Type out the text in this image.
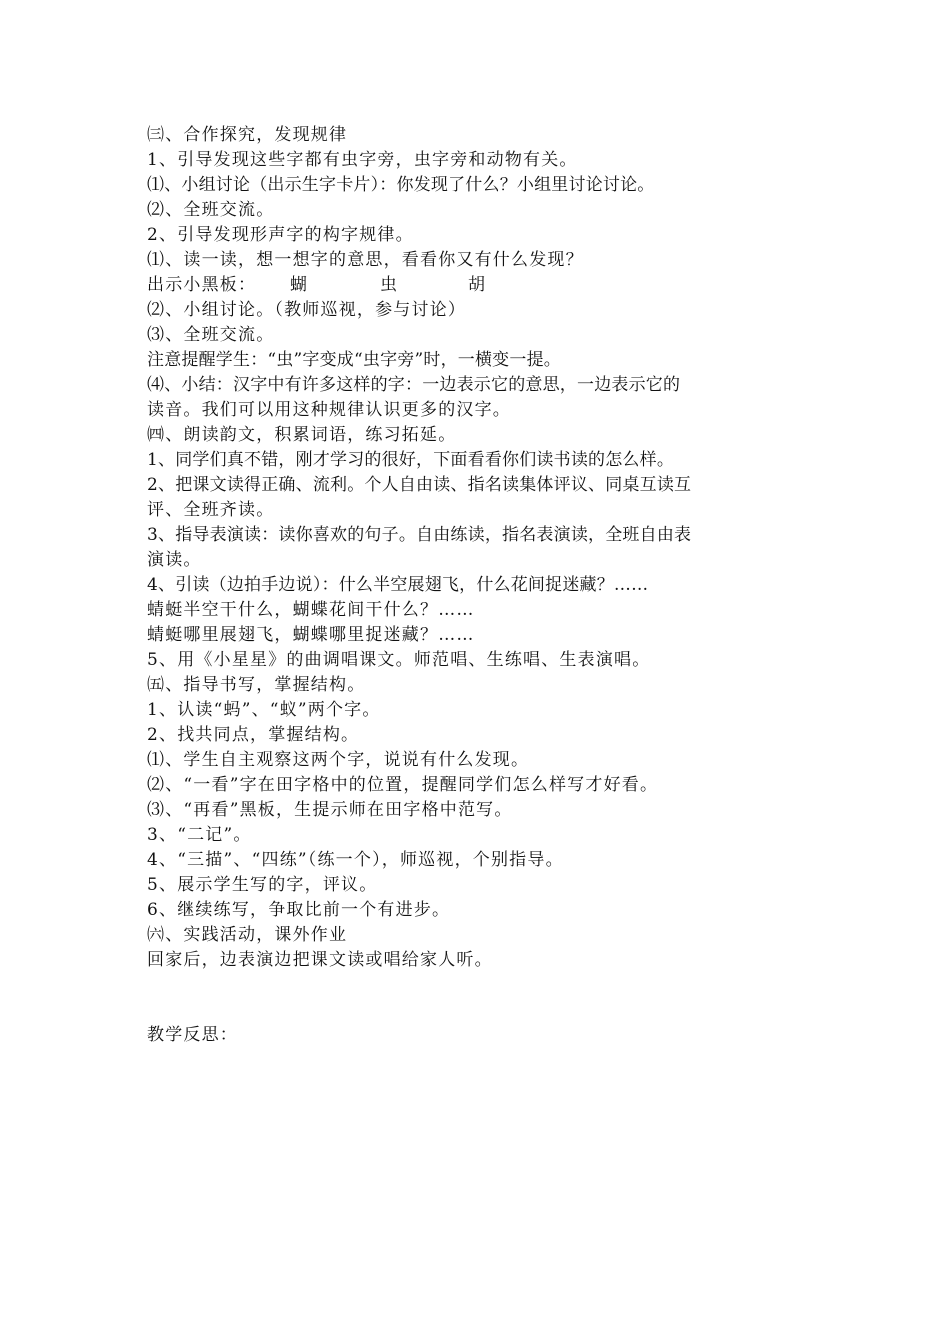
㈢、合作探究，发现规律
1、引导发现这些字都有虫字旁，虫字旁和动物有关。
⑴、小组讨论（出示生字卡片）：你发现了什么？小组里讨论讨论。
⑵、全班交流。
2、引导发现形声字的构字规律。
⑴、读一读，想一想字的意思，看看你又有什么发现？
出示小黑板： 蝴	虫	胡
⑵、小组讨论。（教师巡视，参与讨论）
⑶、全班交流。
注意提醒学生：“虫”字变成“虫字旁”时，一横变一提。
⑷、小结：汉字中有许多这样的字：一边表示它的意思，一边表示它的
读音。我们可以用这种规律认识更多的汉字。
㈣、朗读韵文，积累词语，练习拓延。
1、同学们真不错，刚才学习的很好，下面看看你们读书读的怎么样。
2、把课文读得正确、流利。个人自由读、指名读集体评议、同桌互读互
评、全班齐读。
3、指导表演读：读你喜欢的句子。自由练读，指名表演读，全班自由表
演读。
4、引读（边拍手边说）：什么半空展翅飞，什么花间捉迷藏？……
蜻蜓半空干什么，蝴蝶花间干什么？……
蜻蜓哪里展翅飞，蝴蝶哪里捉迷藏？……
5、用《小星星》的曲调唱课文。师范唱、生练唱、生表演唱。
㈤、指导书写，掌握结构。
1、认读“蚂”、“蚁”两个字。
2、找共同点，掌握结构。
⑴、学生自主观察这两个字，说说有什么发现。
⑵、“一看”字在田字格中的位置，提醒同学们怎么样写才好看。
⑶、“再看”黑板，生提示师在田字格中范写。
3、“二记”。
4、“三描”、“四练”（练一个），师巡视，个别指导。
5、展示学生写的字，评议。
6、继续练写，争取比前一个有进步。
㈥、实践活动，课外作业
回家后，边表演边把课文读或唱给家人听。
教学反思：
